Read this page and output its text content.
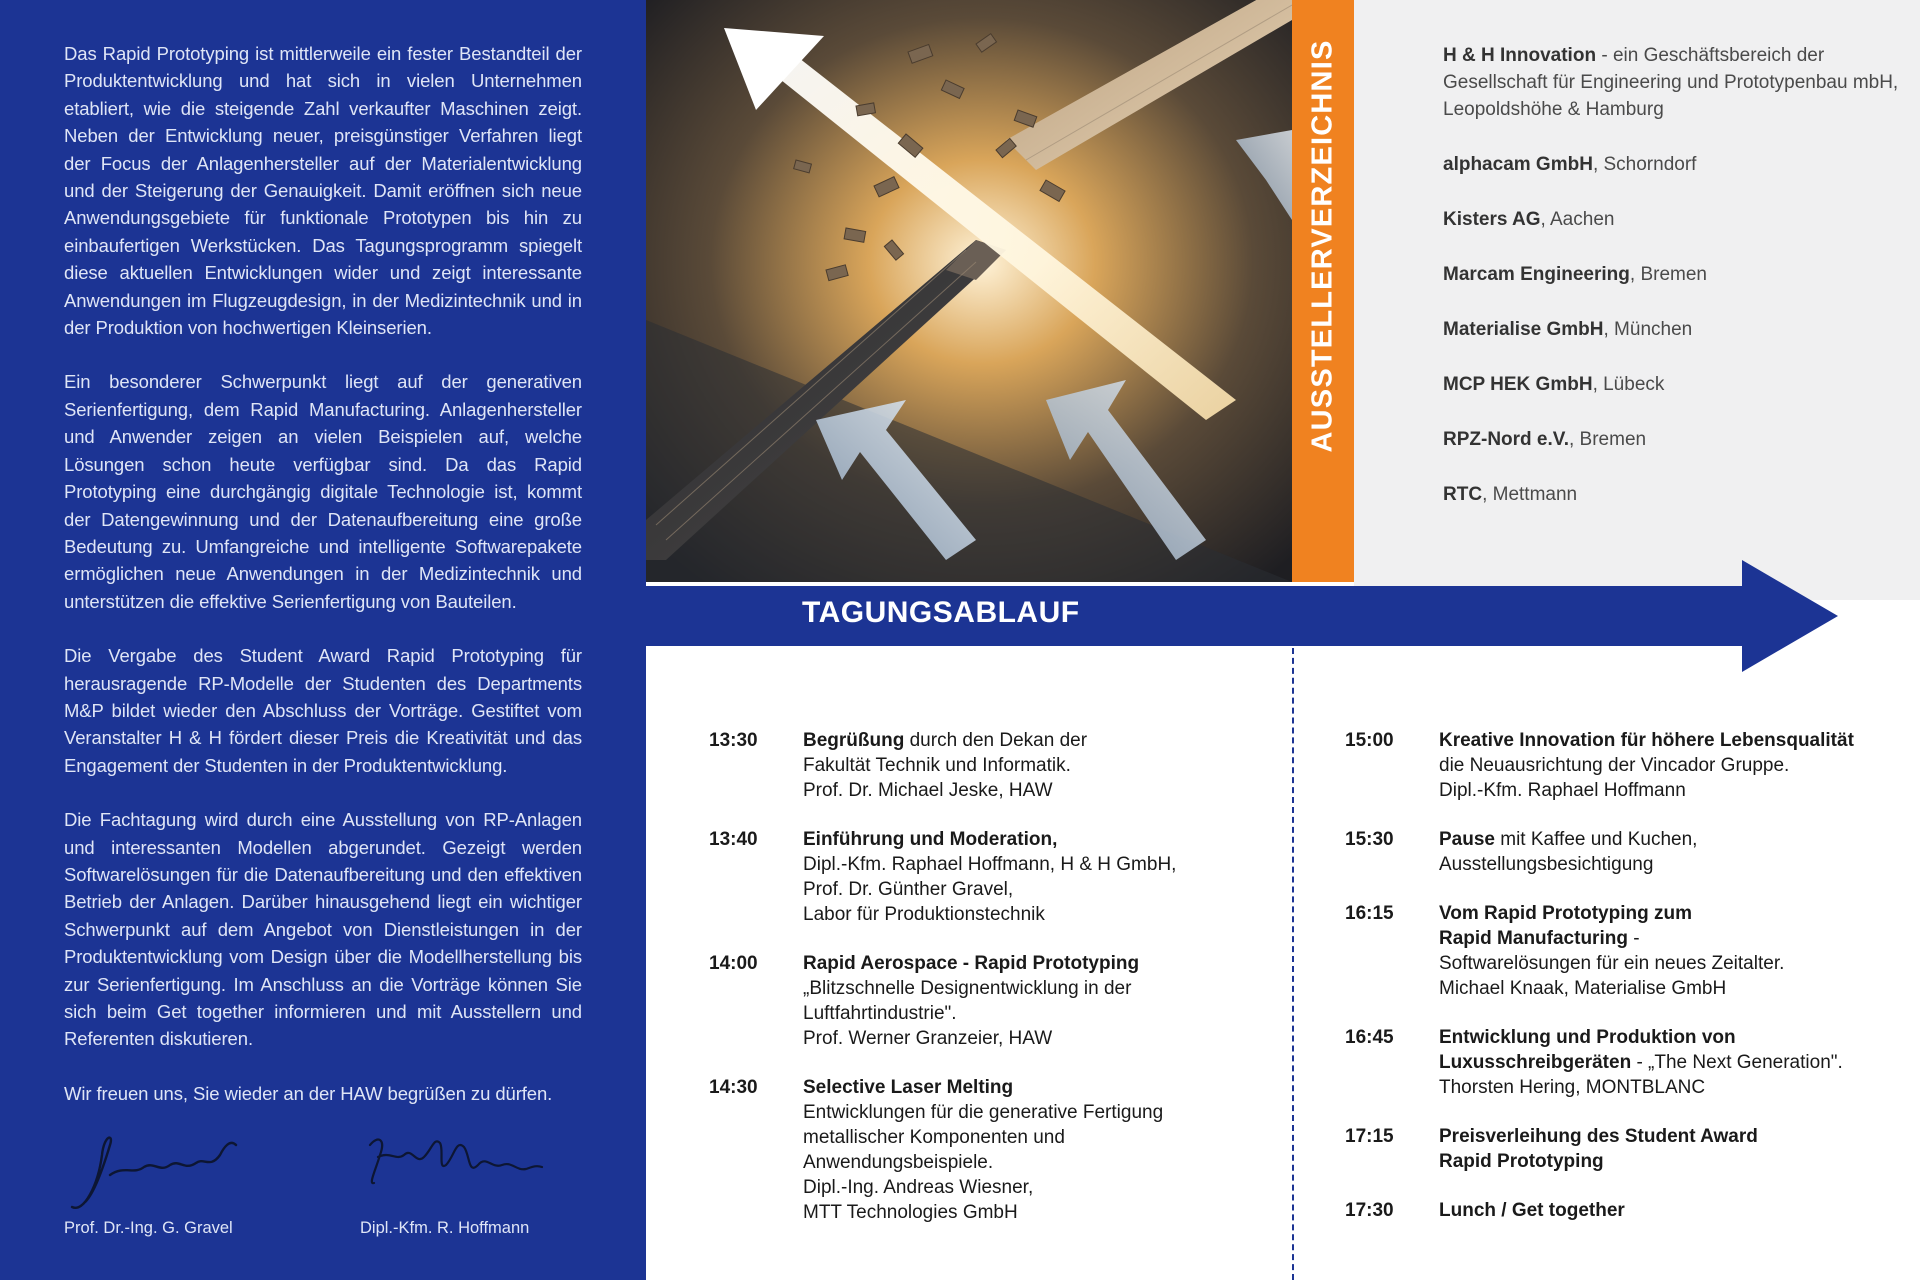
Das Rapid Prototyping ist mittlerweile ein fester Bestandteil der Produktentwicklung und hat sich in vielen Unternehmen etabliert, wie die steigende Zahl verkaufter Maschinen zeigt. Neben der Entwicklung neuer, preisgünstiger Verfahren liegt der Focus der Anlagenhersteller auf der Materialentwicklung und der Steigerung der Genauigkeit. Damit eröffnen sich neue Anwendungsgebiete für funktionale Prototypen bis hin zu einbaufertigen Werkstücken. Das Tagungsprogramm spiegelt diese aktuellen Entwicklungen wider und zeigt interessante Anwendungen im Flugzeugdesign, in der Medizintechnik und in der Produktion von hochwertigen Kleinserien.

Ein besonderer Schwerpunkt liegt auf der generativen Serienfertigung, dem Rapid Manufacturing. Anlagenhersteller und Anwender zeigen an vielen Beispielen auf, welche Lösungen schon heute verfügbar sind. Da das Rapid Prototyping eine durchgängig digitale Technologie ist, kommt der Datengewinnung und der Datenaufbereitung eine große Bedeutung zu. Umfangreiche und intelligente Softwarepakete ermöglichen neue Anwendungen in der Medizintechnik und unterstützen die effektive Serienfertigung von Bauteilen.

Die Vergabe des Student Award Rapid Prototyping für herausragende RP-Modelle der Studenten des Departments M&P bildet wieder den Abschluss der Vorträge. Gestiftet vom Veranstalter H & H fördert dieser Preis die Kreativität und das Engagement der Studenten in der Produktentwicklung.

Die Fachtagung wird durch eine Ausstellung von RP-Anlagen und interessanten Modellen abgerundet. Gezeigt werden Softwarelösungen für die Datenaufbereitung und den effektiven Betrieb der Anlagen. Darüber hinausgehend liegt ein wichtiger Schwerpunkt auf dem Angebot von Dienstleistungen in der Produktentwicklung vom Design über die Modellherstellung bis zur Serienfertigung. Im Anschluss an die Vorträge können Sie sich beim Get together informieren und mit Ausstellern und Referenten diskutieren.

Wir freuen uns, Sie wieder an der HAW begrüßen zu dürfen.

Prof. Dr.-Ing. G. Gravel	Dipl.-Kfm. R. Hoffmann
AUSSTELLERVERZEICHNIS	H & H Innovation - ein Geschäftsbereich der Gesellschaft für Engineering und Prototypenbau mbH, Leopoldshöhe & Hamburg
alphacam GmbH, Schorndorf
Kisters AG, Aachen
Marcam Engineering, Bremen
Materialise GmbH, München
MCP HEK GmbH, Lübeck
RPZ-Nord e.V., Bremen
RTC, Mettmann
TAGUNGSABLAUF
13:30	Begrüßung durch den Dekan der
Fakultät Technik und Informatik.
Prof. Dr. Michael Jeske, HAW
13:40	Einführung und Moderation,
Dipl.-Kfm. Raphael Hoffmann, H & H GmbH,
Prof. Dr. Günther Gravel,
Labor für Produktionstechnik
14:00	Rapid Aerospace - Rapid Prototyping
„Blitzschnelle Designentwicklung in der
Luftfahrtindustrie".
Prof. Werner Granzeier, HAW
14:30	Selective Laser Melting
Entwicklungen für die generative Fertigung
metallischer Komponenten und
Anwendungsbeispiele.
Dipl.-Ing. Andreas Wiesner,
MTT Technologies GmbH
15:00	Kreative Innovation für höhere Lebensqualität
die Neuausrichtung der Vincador Gruppe.
Dipl.-Kfm. Raphael Hoffmann
15:30	Pause mit Kaffee und Kuchen,
Ausstellungsbesichtigung
16:15	Vom Rapid Prototyping zum
Rapid Manufacturing -
Softwarelösungen für ein neues Zeitalter.
Michael Knaak, Materialise GmbH
16:45	Entwicklung und Produktion von
Luxusschreibgeräten - „The Next Generation".
Thorsten Hering, MONTBLANC
17:15	Preisverleihung des Student Award
Rapid Prototyping
17:30	Lunch / Get together
